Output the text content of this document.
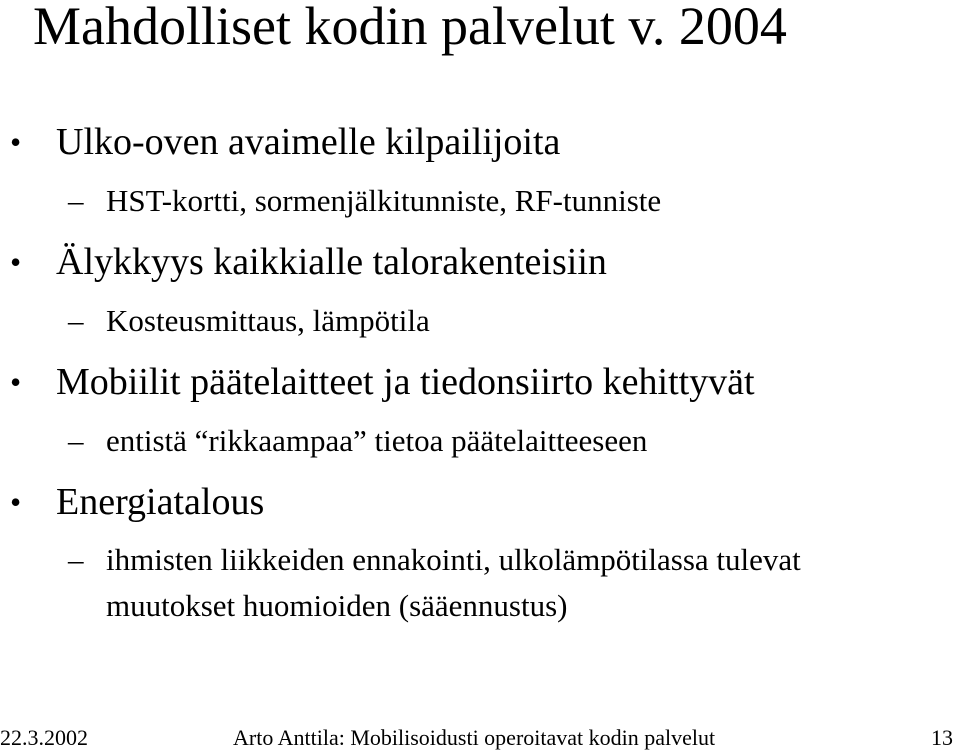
Mahdolliset kodin palvelut v. 2004
• Ulko-oven avaimelle kilpailijoita
– HST-kortti, sormenjälkitunniste, RF-tunniste
• Älykkyys kaikkialle talorakenteisiin
– Kosteusmittaus, lämpötila
• Mobiilit päätelaitteet ja tiedonsiirto kehittyvät
– entistä “rikkaampaa” tietoa päätelaitteeseen
• Energiatalous
– ihmisten liikkeiden ennakointi, ulkolämpötilassa tulevat
muutokset huomioiden (sääennustus)
22.3.2002	Arto Anttila: Mobilisoidusti operoitavat kodin palvelut	13
